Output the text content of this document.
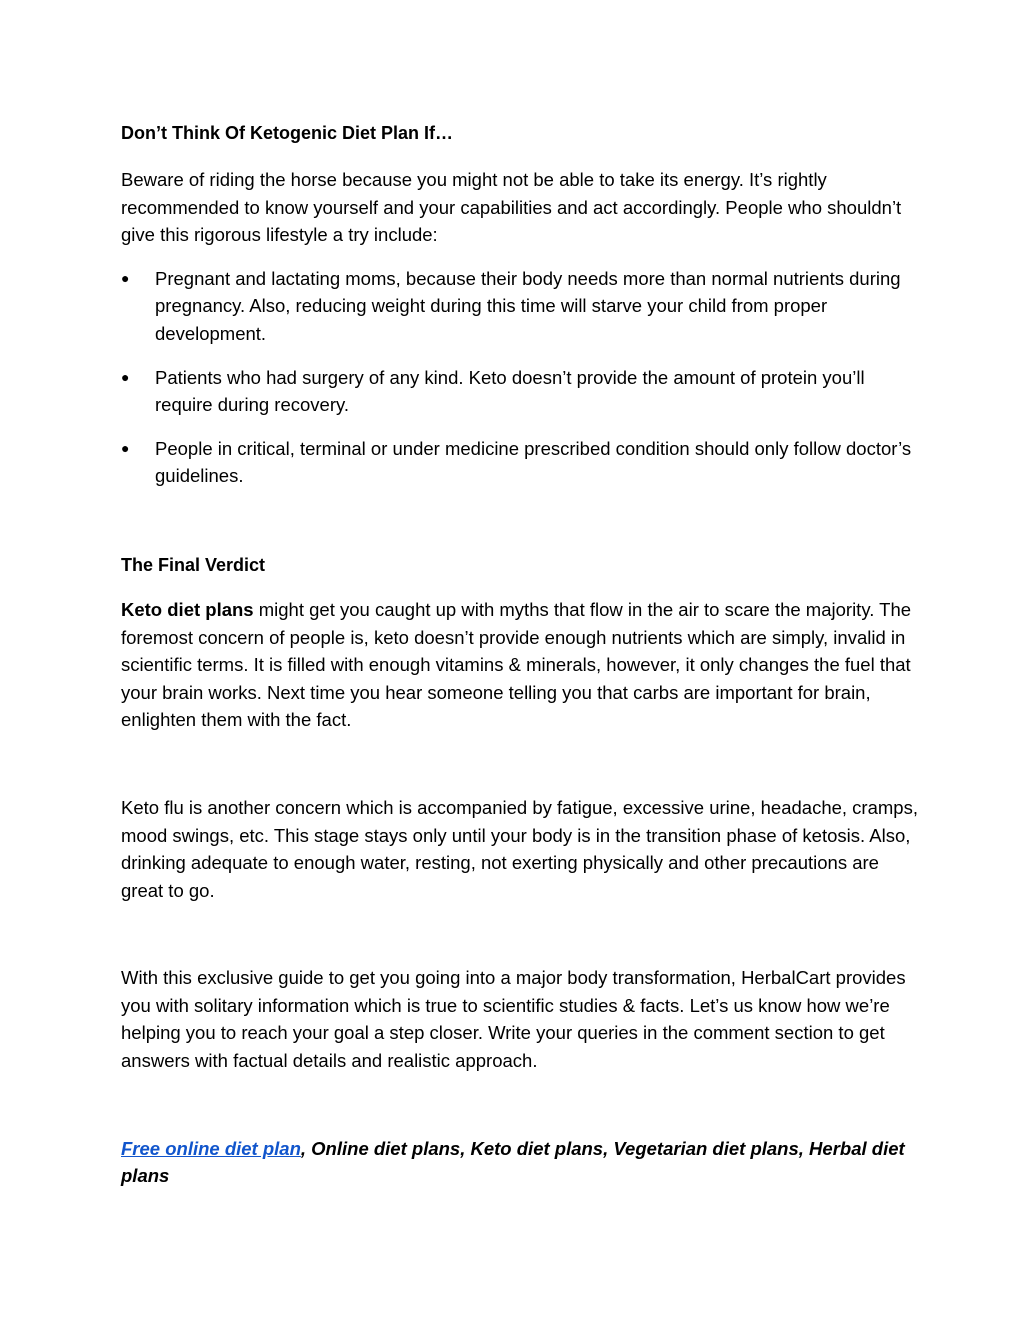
Don’t Think Of Ketogenic Diet Plan If…

Beware of riding the horse because you might not be able to take its energy. It’s rightly recommended to know yourself and your capabilities and act accordingly. People who shouldn’t give this rigorous lifestyle a try include:

● Pregnant and lactating moms, because their body needs more than normal nutrients during pregnancy. Also, reducing weight during this time will starve your child from proper development.
● Patients who had surgery of any kind. Keto doesn’t provide the amount of protein you’ll require during recovery.
● People in critical, terminal or under medicine prescribed condition should only follow doctor’s guidelines.

The Final Verdict

Keto diet plans might get you caught up with myths that flow in the air to scare the majority. The foremost concern of people is, keto doesn’t provide enough nutrients which are simply, invalid in scientific terms. It is filled with enough vitamins & minerals, however, it only changes the fuel that your brain works. Next time you hear someone telling you that carbs are important for brain, enlighten them with the fact.

Keto flu is another concern which is accompanied by fatigue, excessive urine, headache, cramps, mood swings, etc. This stage stays only until your body is in the transition phase of ketosis. Also, drinking adequate to enough water, resting, not exerting physically and other precautions are great to go.

With this exclusive guide to get you going into a major body transformation, HerbalCart provides you with solitary information which is true to scientific studies & facts. Let’s us know how we’re helping you to reach your goal a step closer. Write your queries in the comment section to get answers with factual details and realistic approach.

Free online diet plan, Online diet plans, Keto diet plans, Vegetarian diet plans, Herbal diet plans
